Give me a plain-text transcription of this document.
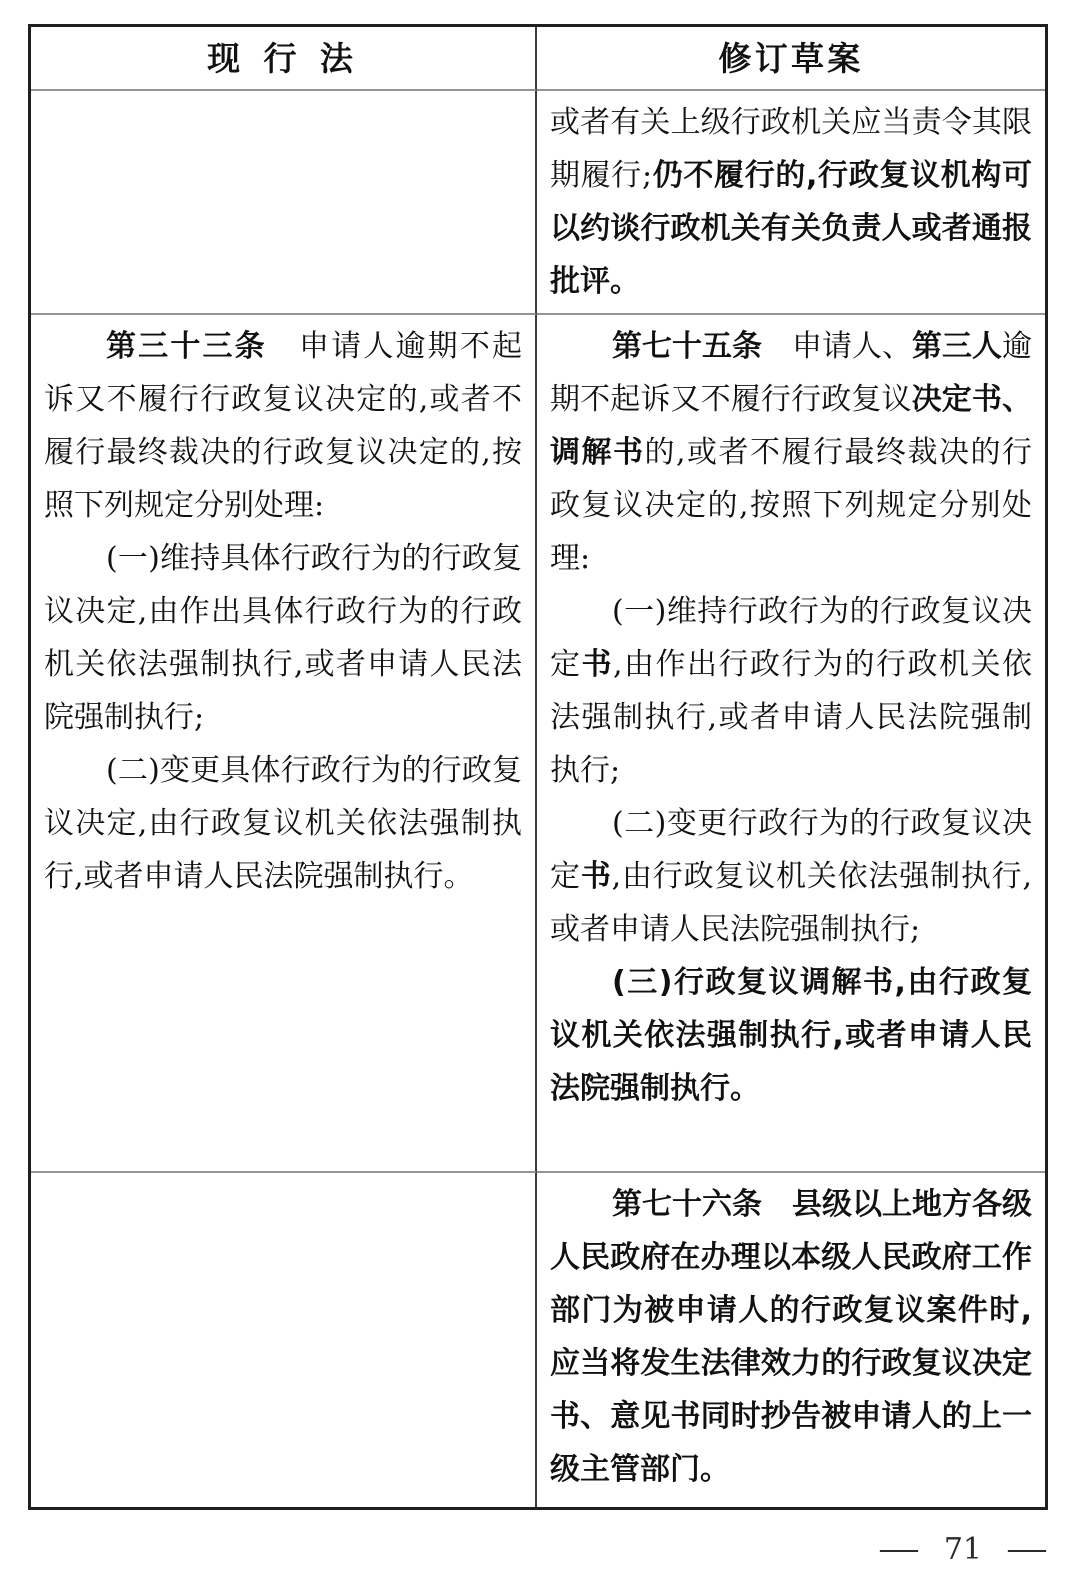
现 行 法	修订草案

或者有关上级行政机关应当责令其限期履行;仍不履行的,行政复议机构可以约谈行政机关有关负责人或者通报批评。

第三十三条　申请人逾期不起诉又不履行行政复议决定的,或者不履行最终裁决的行政复议决定的,按照下列规定分别处理:

(一)维持具体行政行为的行政复议决定,由作出具体行政行为的行政机关依法强制执行,或者申请人民法院强制执行;

(二)变更具体行政行为的行政复议决定,由行政复议机关依法强制执行,或者申请人民法院强制执行。

第七十五条　申请人、第三人逾期不起诉又不履行行政复议决定书、调解书的,或者不履行最终裁决的行政复议决定的,按照下列规定分别处理:

(一)维持行政行为的行政复议决定书,由作出行政行为的行政机关依法强制执行,或者申请人民法院强制执行;

(二)变更行政行为的行政复议决定书,由行政复议机关依法强制执行,或者申请人民法院强制执行;

(三)行政复议调解书,由行政复议机关依法强制执行,或者申请人民法院强制执行。

第七十六条　县级以上地方各级人民政府在办理以本级人民政府工作部门为被申请人的行政复议案件时,应当将发生法律效力的行政复议决定书、意见书同时抄告被申请人的上一级主管部门。

— 71 —
